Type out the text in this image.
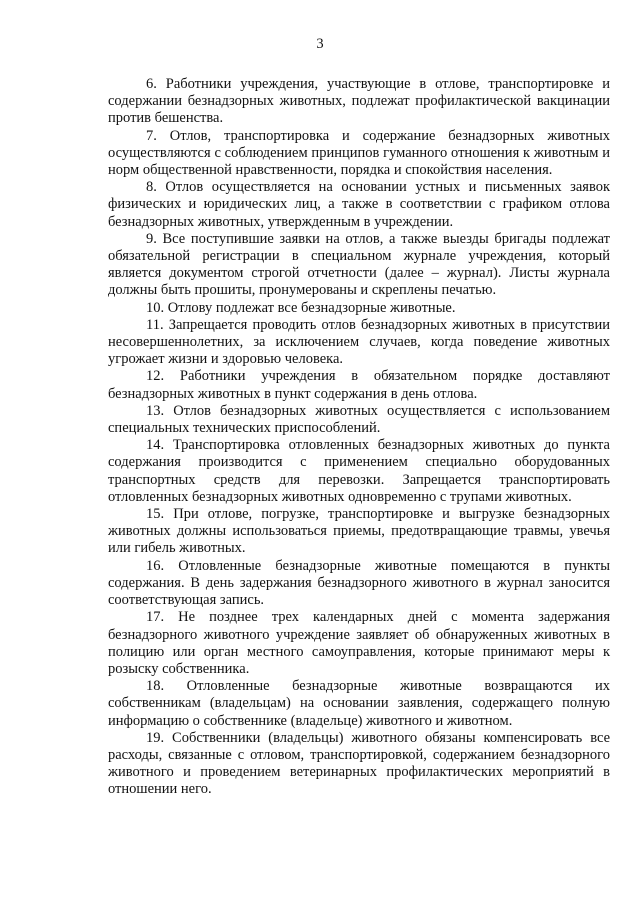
3

6. Работники учреждения, участвующие в отлове, транспортировке и содержании безнадзорных животных, подлежат профилактической вакцинации против бешенства.

7. Отлов, транспортировка и содержание безнадзорных животных осуществляются с соблюдением принципов гуманного отношения к животным и норм общественной нравственности, порядка и спокойствия населения.

8. Отлов осуществляется на основании устных и письменных заявок физических и юридических лиц, а также в соответствии с графиком отлова безнадзорных животных, утвержденным в учреждении.

9. Все поступившие заявки на отлов, а также выезды бригады подлежат обязательной регистрации в специальном журнале учреждения, который является документом строгой отчетности (далее – журнал). Листы журнала должны быть прошиты, пронумерованы и скреплены печатью.

10. Отлову подлежат все безнадзорные животные.

11. Запрещается проводить отлов безнадзорных животных в присутствии несовершеннолетних, за исключением случаев, когда поведение животных угрожает жизни и здоровью человека.

12. Работники учреждения в обязательном порядке доставляют безнадзорных животных в пункт содержания в день отлова.

13. Отлов безнадзорных животных осуществляется с использованием специальных технических приспособлений.

14. Транспортировка отловленных безнадзорных животных до пункта содержания производится с применением специально оборудованных транспортных средств для перевозки. Запрещается транспортировать отловленных безнадзорных животных одновременно с трупами животных.

15. При отлове, погрузке, транспортировке и выгрузке безнадзорных животных должны использоваться приемы, предотвращающие травмы, увечья или гибель животных.

16. Отловленные безнадзорные животные помещаются в пункты содержания. В день задержания безнадзорного животного в журнал заносится соответствующая запись.

17. Не позднее трех календарных дней с момента задержания безнадзорного животного учреждение заявляет об обнаруженных животных в полицию или орган местного самоуправления, которые принимают меры к розыску собственника.

18. Отловленные безнадзорные животные возвращаются их собственникам (владельцам) на основании заявления, содержащего полную информацию о собственнике (владельце) животного и животном.

19. Собственники (владельцы) животного обязаны компенсировать все расходы, связанные с отловом, транспортировкой, содержанием безнадзорного животного и проведением ветеринарных профилактических мероприятий в отношении него.
